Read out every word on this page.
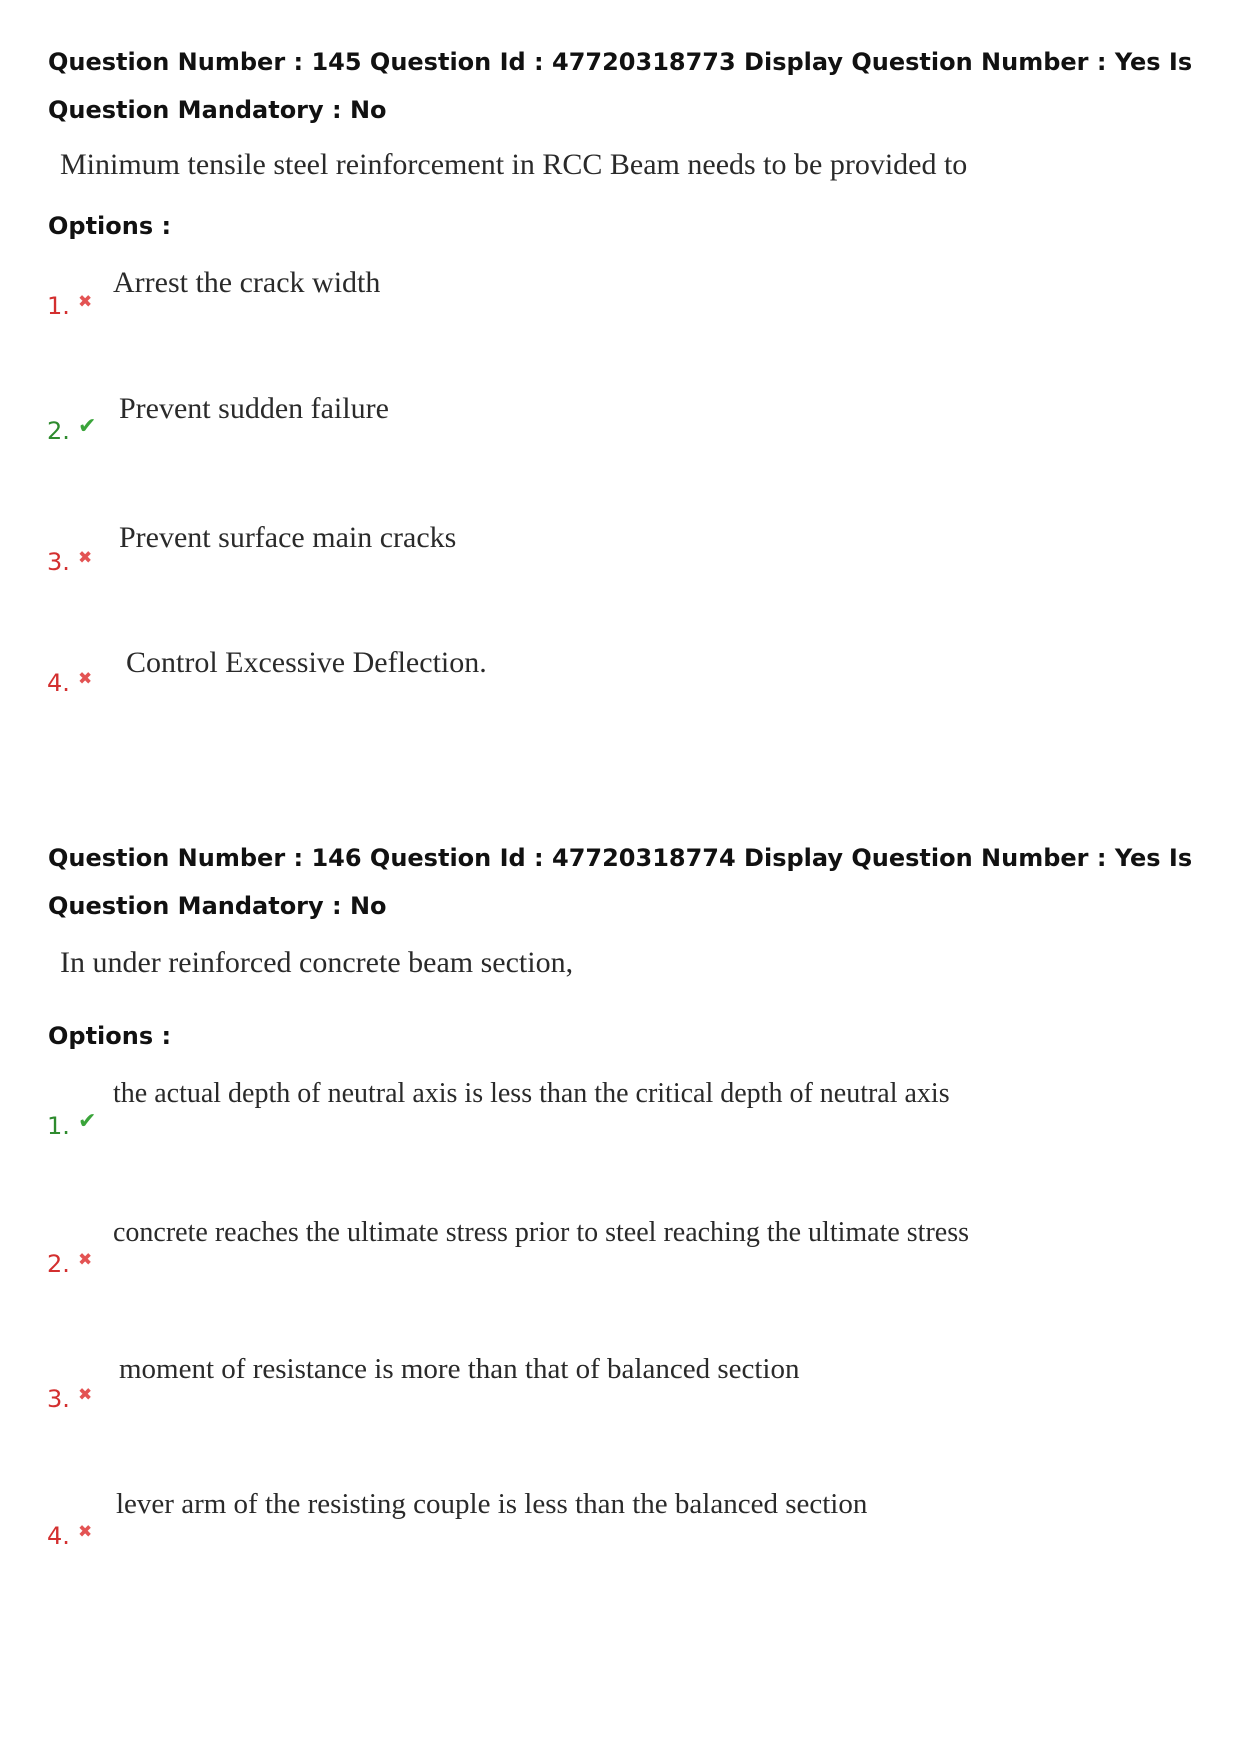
Question Number : 145 Question Id : 47720318773 Display Question Number : Yes Is Question Mandatory : No
Minimum tensile steel reinforcement in RCC Beam needs to be provided to
Options :
Arrest the crack width
1. ✖
Prevent sudden failure
2. ✔
Prevent surface main cracks
3. ✖
Control Excessive Deflection.
4. ✖
Question Number : 146 Question Id : 47720318774 Display Question Number : Yes Is Question Mandatory : No
In under reinforced concrete beam section,
Options :
the actual depth of neutral axis is less than the critical depth of neutral axis
1. ✔
concrete reaches the ultimate stress prior to steel reaching the ultimate stress
2. ✖
moment of resistance is more than that of balanced section
3. ✖
lever arm of the resisting couple is less than the balanced section
4. ✖
